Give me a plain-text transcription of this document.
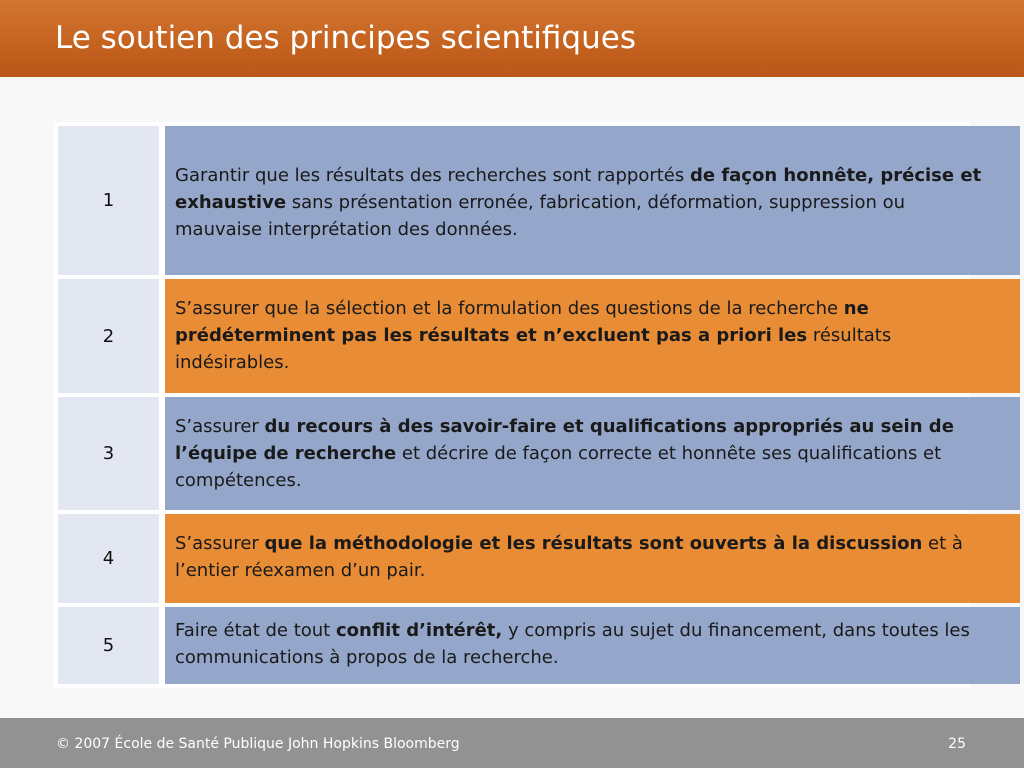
Le soutien des principes scientifiques
1
Garantir que les résultats des recherches sont rapportés de façon honnête, précise et exhaustive sans présentation erronée, fabrication, déformation, suppression ou mauvaise interprétation des données.
2
S’assurer que la sélection et la formulation des questions de la recherche ne prédéterminent pas les résultats et n’excluent pas a priori les résultats indésirables.
3
S’assurer du recours à des savoir-faire et qualifications appropriés au sein de l’équipe de recherche et décrire de façon correcte et honnête ses qualifications et compétences.
4
S’assurer que la méthodologie et les résultats sont ouverts à la discussion et à l’entier réexamen d’un pair.
5
Faire état de tout conflit d’intérêt, y compris au sujet du financement, dans toutes les communications à propos de la recherche.
© 2007 École de Santé Publique John Hopkins Bloomberg	25
